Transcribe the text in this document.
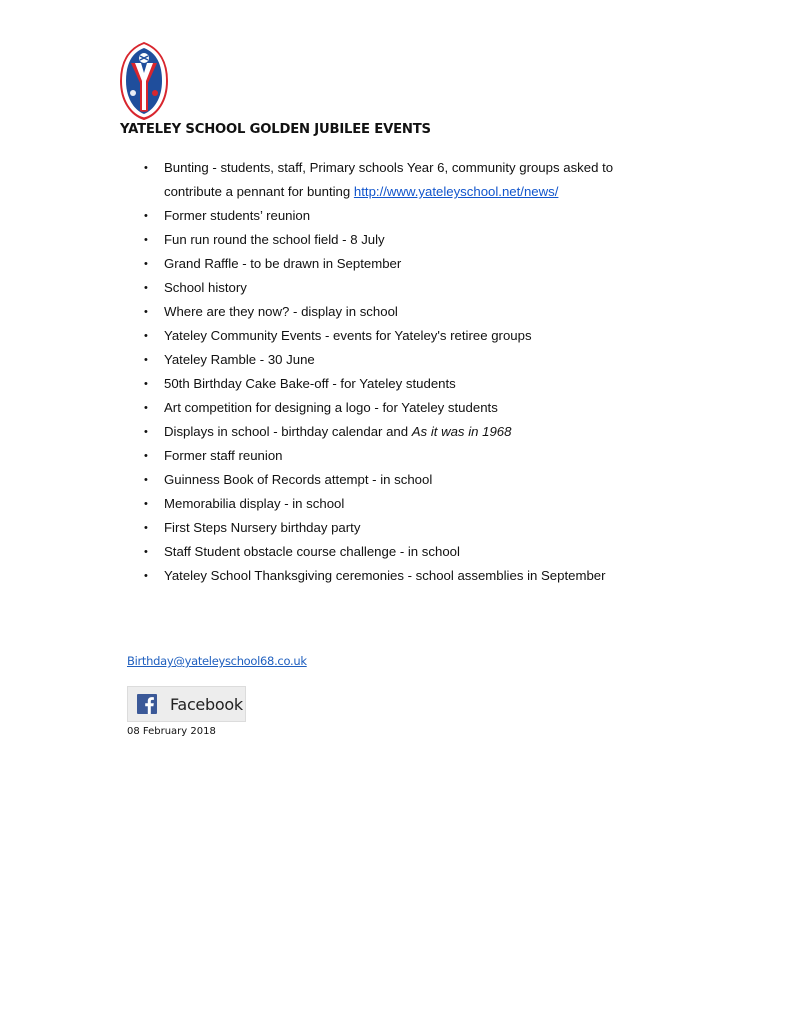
YATELEY SCHOOL GOLDEN JUBILEE EVENTS
• Bunting - students, staff, Primary schools Year 6, community groups asked to
contribute a pennant for bunting http://www.yateleyschool.net/news/
• Former students’ reunion
• Fun run round the school field - 8 July
• Grand Raffle - to be drawn in September
• School history
• Where are they now? - display in school
• Yateley Community Events - events for Yateley's retiree groups
• Yateley Ramble - 30 June
• 50th Birthday Cake Bake-off - for Yateley students
• Art competition for designing a logo - for Yateley students
• Displays in school - birthday calendar and As it was in 1968
• Former staff reunion
• Guinness Book of Records attempt - in school
• Memorabilia display - in school
• First Steps Nursery birthday party
• Staff Student obstacle course challenge - in school
• Yateley School Thanksgiving ceremonies - school assemblies in September
Birthday@yateleyschool68.co.uk
Facebook
08 February 2018
